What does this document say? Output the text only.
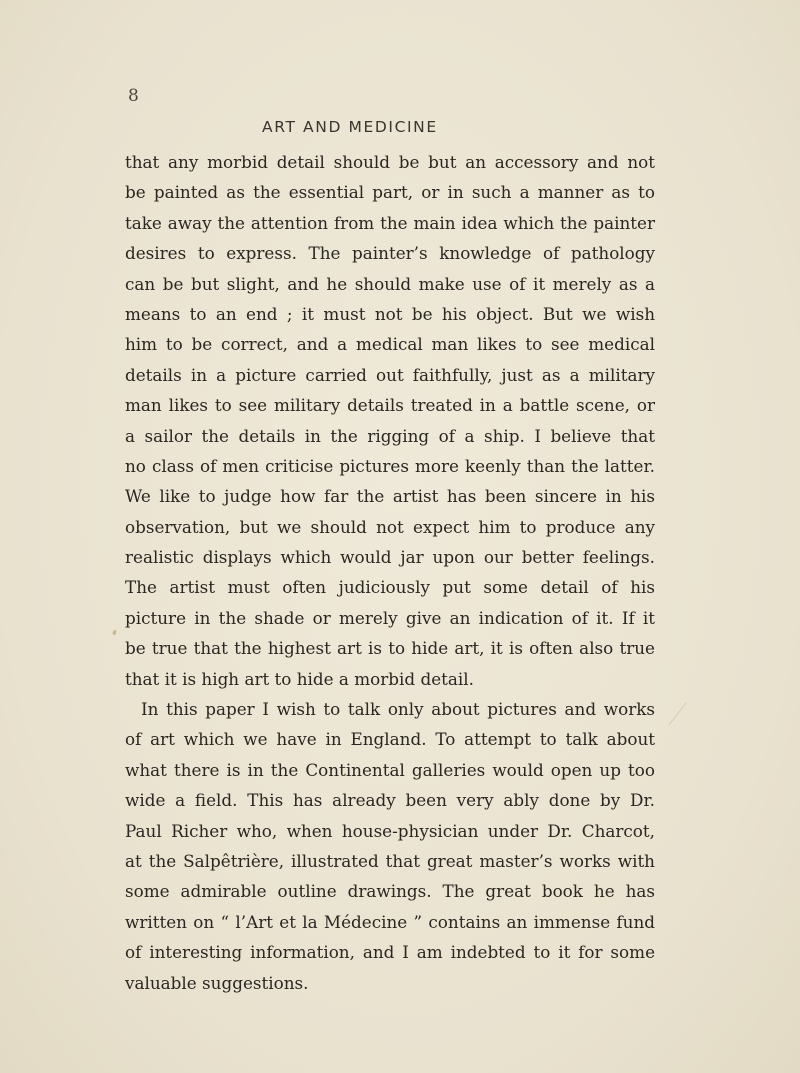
8
ART AND MEDICINE
that any morbid detail should be but an accessory and not
be painted as the essential part, or in such a manner as to
take away the attention from the main idea which the painter
desires to express. The painter’s knowledge of pathology
can be but slight, and he should make use of it merely as a
means to an end ; it must not be his object. But we wish
him to be correct, and a medical man likes to see medical
details in a picture carried out faithfully, just as a military
man likes to see military details treated in a battle scene, or
a sailor the details in the rigging of a ship. I believe that
no class of men criticise pictures more keenly than the latter.
We like to judge how far the artist has been sincere in his
observation, but we should not expect him to produce any
realistic displays which would jar upon our better feelings.
The artist must often judiciously put some detail of his
picture in the shade or merely give an indication of it. If it
be true that the highest art is to hide art, it is often also true
that it is high art to hide a morbid detail.
In this paper I wish to talk only about pictures and works
of art which we have in England. To attempt to talk about
what there is in the Continental galleries would open up too
wide a field. This has already been very ably done by Dr.
Paul Richer who, when house-physician under Dr. Charcot,
at the Salpêtrière, illustrated that great master’s works with
some admirable outline drawings. The great book he has
written on “ l’Art et la Médecine ” contains an immense fund
of interesting information, and I am indebted to it for some
valuable suggestions.
